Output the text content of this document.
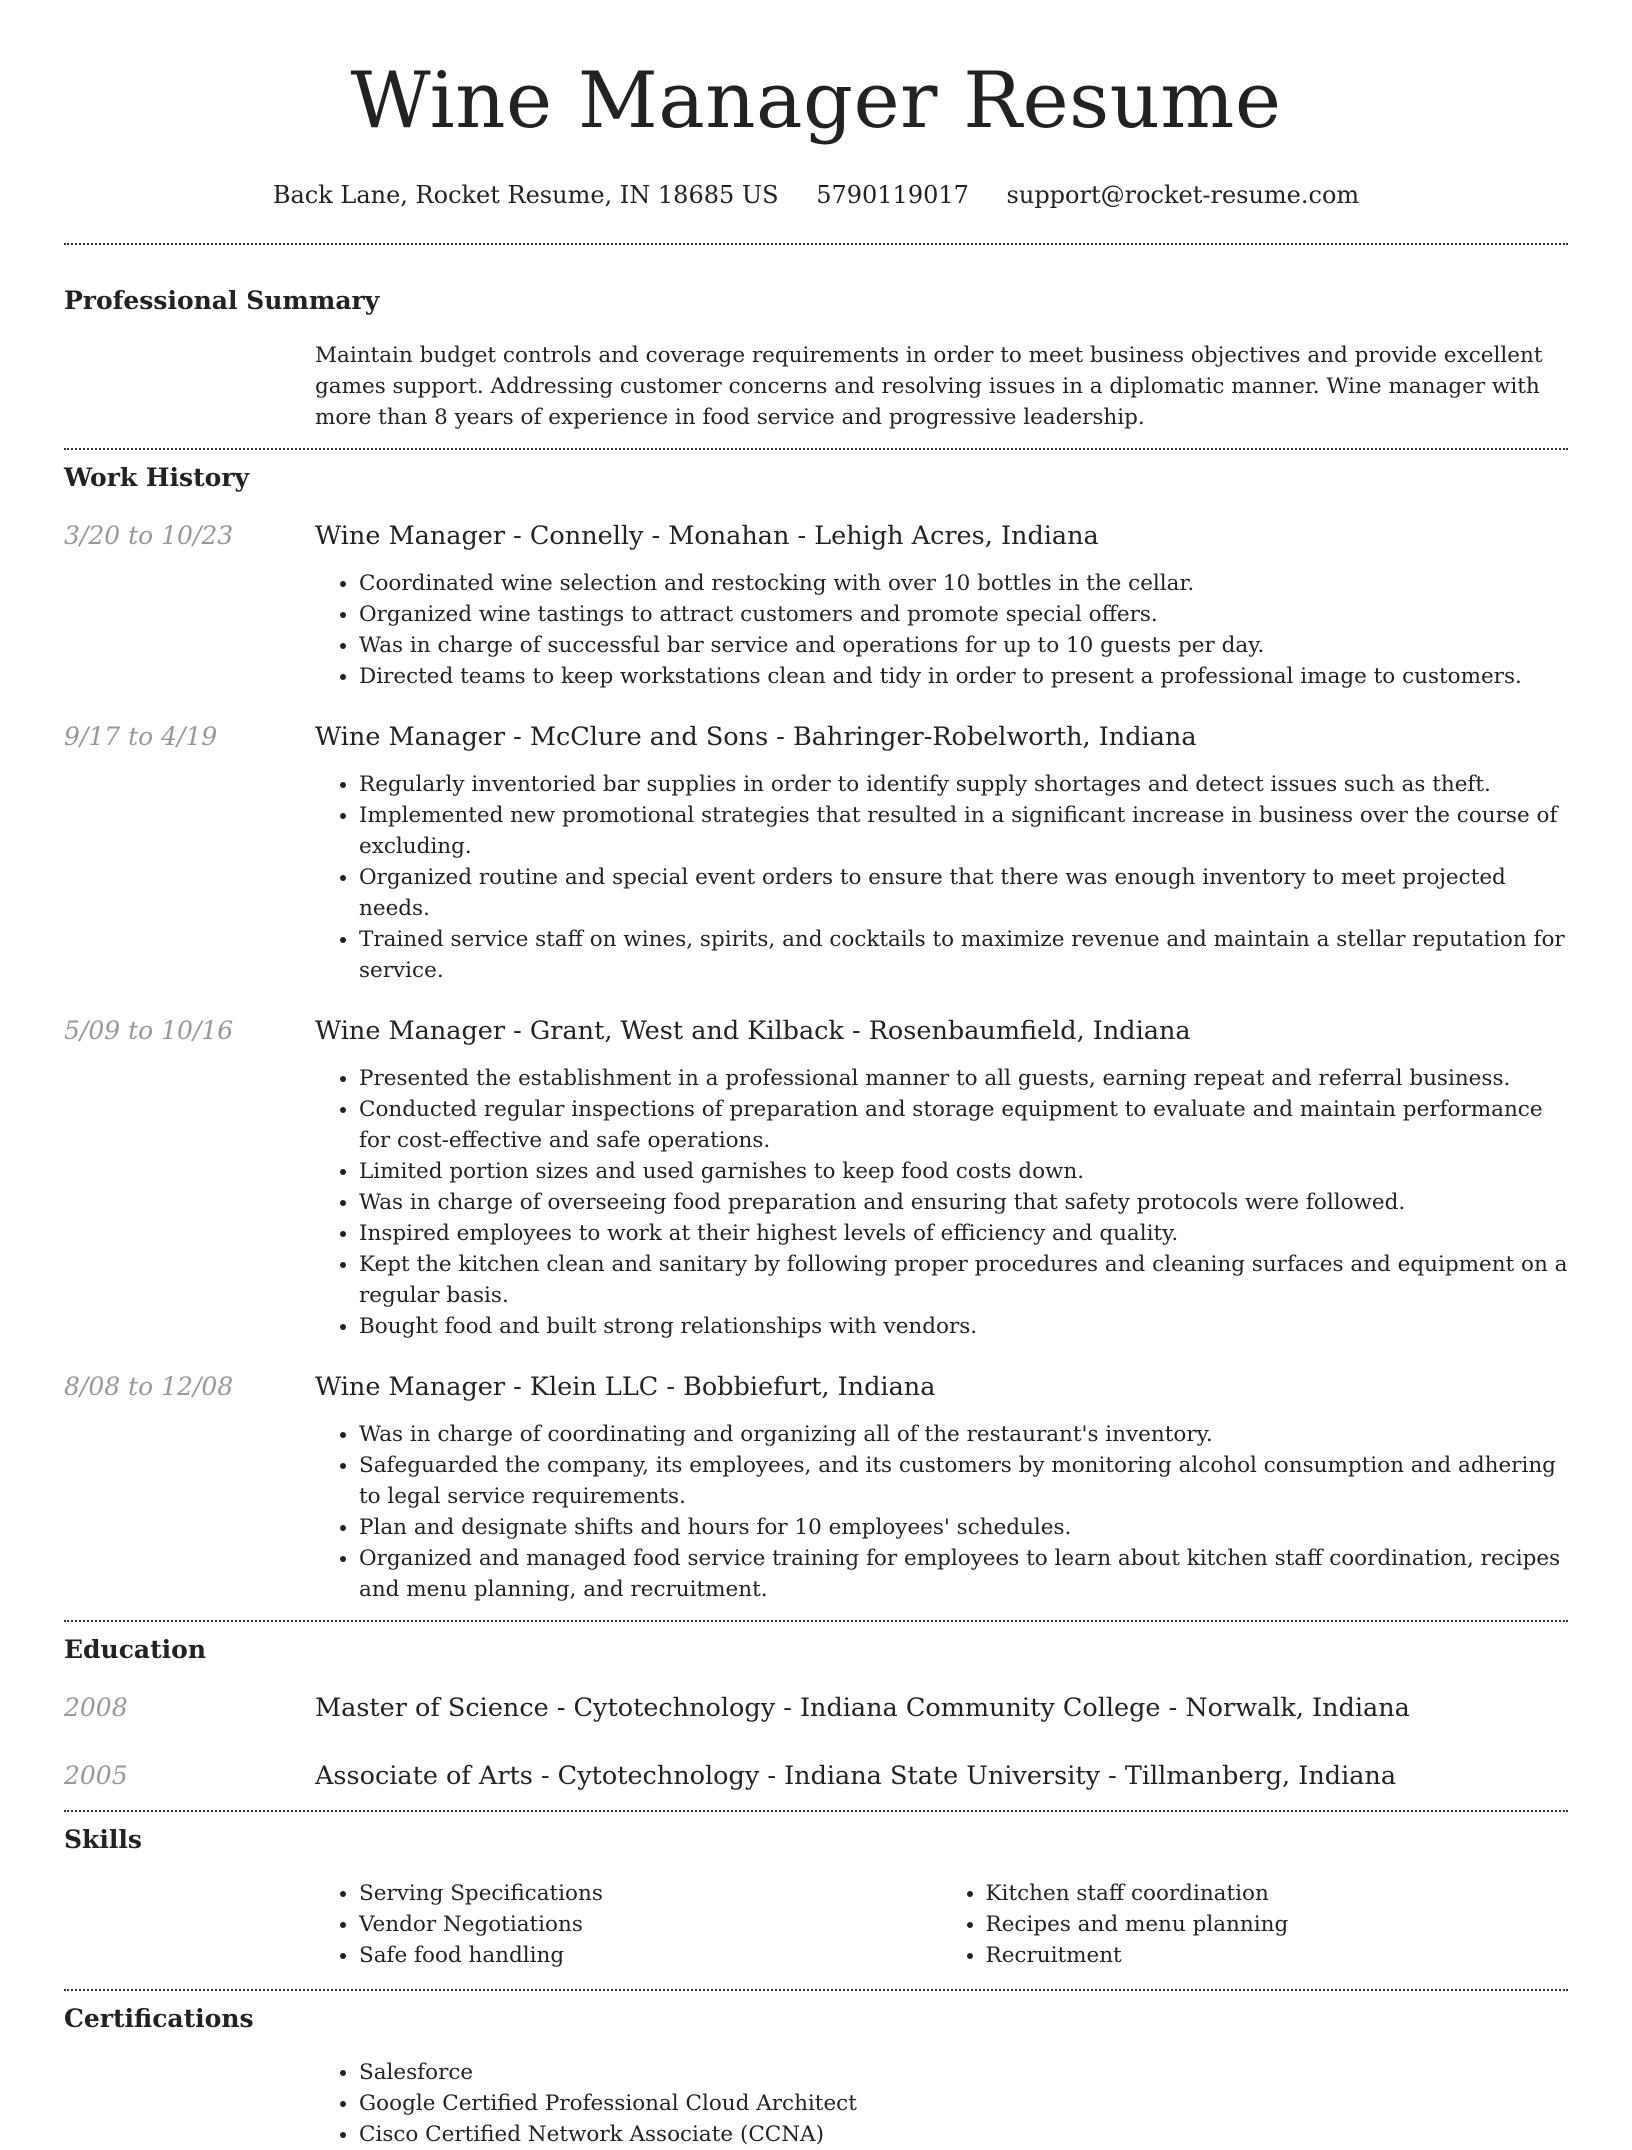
Wine Manager Resume
Back Lane, Rocket Resume, IN 18685 US 5790119017 support@rocket-resume.com
Professional Summary

Maintain budget controls and coverage requirements in order to meet business objectives and provide excellent games support. Addressing customer concerns and resolving issues in a diplomatic manner. Wine manager with more than 8 years of experience in food service and progressive leadership.

Work History
3/20 to 10/23	Wine Manager - Connelly - Monahan - Lehigh Acres, Indiana
• Coordinated wine selection and restocking with over 10 bottles in the cellar.
• Organized wine tastings to attract customers and promote special offers.
• Was in charge of successful bar service and operations for up to 10 guests per day.
• Directed teams to keep workstations clean and tidy in order to present a professional image to customers.
9/17 to 4/19	Wine Manager - McClure and Sons - Bahringer-Robelworth, Indiana
• Regularly inventoried bar supplies in order to identify supply shortages and detect issues such as theft.
• Implemented new promotional strategies that resulted in a significant increase in business over the course of excluding.
• Organized routine and special event orders to ensure that there was enough inventory to meet projected needs.
• Trained service staff on wines, spirits, and cocktails to maximize revenue and maintain a stellar reputation for service.
5/09 to 10/16	Wine Manager - Grant, West and Kilback - Rosenbaumfield, Indiana
• Presented the establishment in a professional manner to all guests, earning repeat and referral business.
• Conducted regular inspections of preparation and storage equipment to evaluate and maintain performance for cost-effective and safe operations.
• Limited portion sizes and used garnishes to keep food costs down.
• Was in charge of overseeing food preparation and ensuring that safety protocols were followed.
• Inspired employees to work at their highest levels of efficiency and quality.
• Kept the kitchen clean and sanitary by following proper procedures and cleaning surfaces and equipment on a regular basis.
• Bought food and built strong relationships with vendors.
8/08 to 12/08	Wine Manager - Klein LLC - Bobbiefurt, Indiana
• Was in charge of coordinating and organizing all of the restaurant's inventory.
• Safeguarded the company, its employees, and its customers by monitoring alcohol consumption and adhering to legal service requirements.
• Plan and designate shifts and hours for 10 employees' schedules.
• Organized and managed food service training for employees to learn about kitchen staff coordination, recipes and menu planning, and recruitment.
Education
2008	Master of Science - Cytotechnology - Indiana Community College - Norwalk, Indiana
2005	Associate of Arts - Cytotechnology - Indiana State University - Tillmanberg, Indiana
Skills
• Serving Specifications
• Vendor Negotiations
• Safe food handling
• Kitchen staff coordination
• Recipes and menu planning
• Recruitment
Certifications
• Salesforce
• Google Certified Professional Cloud Architect
• Cisco Certified Network Associate (CCNA)
